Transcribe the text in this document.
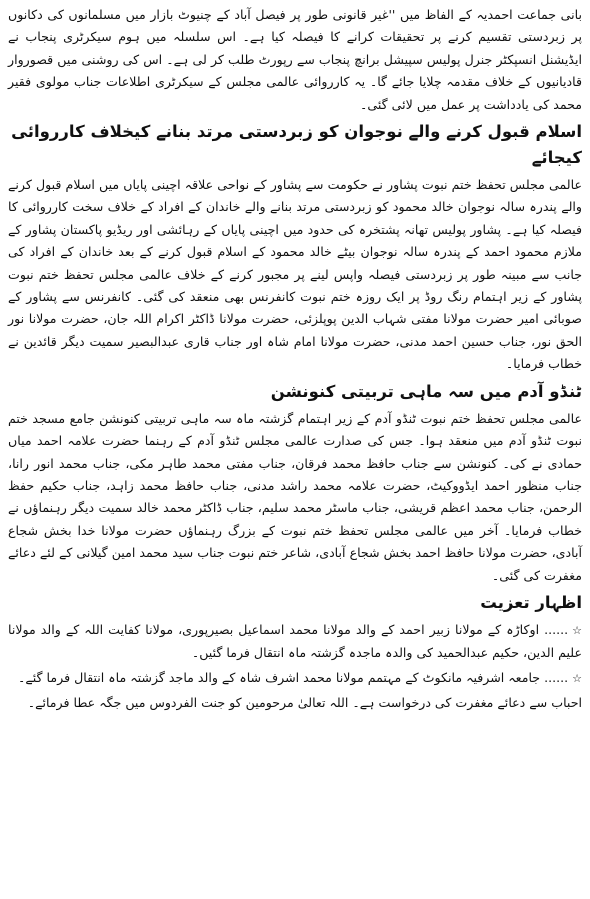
بانی جماعت احمدیہ کے الفاظ میں ''غیر قانونی طور پر فیصل آباد کے چنیوٹ بازار میں مسلمانوں کی دکانوں پر زبردستی تقسیم کرنے پر تحقیقات کرانے کا فیصلہ کیا ہے۔ اس سلسلہ میں ہوم سیکرٹری پنجاب نے ایڈیشنل انسپکٹر جنرل پولیس سپیشل برانچ پنجاب سے رپورٹ طلب کر لی ہے۔ اس کی روشنی میں قصوروار قادیانیوں کے خلاف مقدمہ چلایا جائے گا۔ یہ کارروائی عالمی مجلس کے سیکرٹری اطلاعات جناب مولوی فقیر محمد کی یادداشت پر عمل میں لائی گئی۔

اسلام قبول کرنے والے نوجوان کو زبردستی مرتد بنانے کیخلاف کارروائی کیجائے

عالمی مجلس تحفظ ختم نبوت پشاور نے حکومت سے پشاور کے نواحی علاقہ اچینی پایاں میں اسلام قبول کرنے والے پندرہ سالہ نوجوان خالد محمود کو زبردستی مرتد بنانے والے خاندان کے افراد کے خلاف سخت کارروائی کا فیصلہ کیا ہے۔ پشاور پولیس تھانہ پشتخرہ کی حدود میں اچینی پایاں کے رہائشی اور ریڈیو پاکستان پشاور کے ملازم محمود احمد کے پندرہ سالہ نوجوان بیٹے خالد محمود کے اسلام قبول کرنے کے بعد خاندان کے افراد کی جانب سے مبینہ طور پر زبردستی فیصلہ واپس لینے پر مجبور کرنے کے خلاف عالمی مجلس تحفظ ختم نبوت پشاور کے زیر اہتمام رنگ روڈ پر ایک روزہ ختم نبوت کانفرنس بھی منعقد کی گئی۔ کانفرنس سے پشاور کے صوبائی امیر حضرت مولانا مفتی شہاب الدین پوپلزئی، حضرت مولانا ڈاکٹر اکرام اللہ جان، حضرت مولانا نور الحق نور، جناب حسین احمد مدنی، حضرت مولانا امام شاہ اور جناب قاری عبدالبصیر سمیت دیگر قائدین نے خطاب فرمایا۔

ٹنڈو آدم میں سہ ماہی تربیتی کنونشن

عالمی مجلس تحفظ ختم نبوت ٹنڈو آدم کے زیر اہتمام گزشتہ ماہ سہ ماہی تربیتی کنونشن جامع مسجد ختم نبوت ٹنڈو آدم میں منعقد ہوا۔ جس کی صدارت عالمی مجلس ٹنڈو آدم کے رہنما حضرت علامہ احمد میاں حمادی نے کی۔ کنونشن سے جناب حافظ محمد فرقان، جناب مفتی محمد طاہر مکی، جناب محمد انور رانا، جناب منظور احمد ایڈووکیٹ، حضرت علامہ محمد راشد مدنی، جناب حافظ محمد زاہد، جناب حکیم حفظ الرحمن، جناب محمد اعظم قریشی، جناب ماسٹر محمد سلیم، جناب ڈاکٹر محمد خالد سمیت دیگر رہنماؤں نے خطاب فرمایا۔ آخر میں عالمی مجلس تحفظ ختم نبوت کے بزرگ رہنماؤں حضرت مولانا خدا بخش شجاع آبادی، حضرت مولانا حافظ احمد بخش شجاع آبادی، شاعر ختم نبوت جناب سید محمد امین گیلانی کے لئے دعائے مغفرت کی گئی۔

اظہار تعزیت

☆...... اوکاڑہ کے مولانا زبیر احمد کے والد مولانا محمد اسماعیل بصیرپوری، مولانا کفایت اللہ کے والد مولانا علیم الدین، حکیم عبدالحمید کی والدہ ماجدہ گزشتہ ماہ انتقال فرما گئیں۔

☆...... جامعہ اشرفیہ مانکوٹ کے مہتمم مولانا محمد اشرف شاہ کے والد ماجد گزشتہ ماہ انتقال فرما گئے۔

احباب سے دعائے مغفرت کی درخواست ہے۔ اللہ تعالیٰ مرحومین کو جنت الفردوس میں جگہ عطا فرمائے۔
